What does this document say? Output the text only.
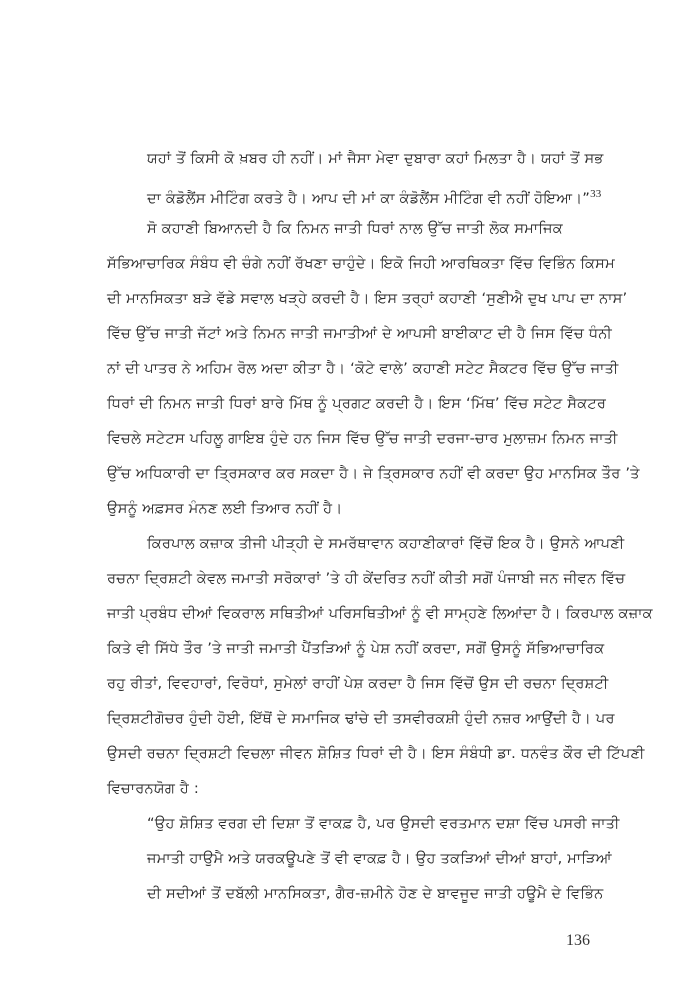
ਯਹਾਂ ਤੋਂ ਕਿਸੀ ਕੋ ਖ਼ਬਰ ਹੀ ਨਹੀਂ। ਮਾਂ ਜੈਸਾ ਮੇਵਾ ਦੁਬਾਰਾ ਕਹਾਂ ਮਿਲਤਾ ਹੈ। ਯਹਾਂ ਤੋਂ ਸਭ
ਦਾ ਕੰਡੋਲੈਂਸ ਮੀਟਿੰਗ ਕਰਤੇ ਹੈ। ਆਪ ਦੀ ਮਾਂ ਕਾ ਕੰਡੋਲੈਂਸ ਮੀਟਿੰਗ ਵੀ ਨਹੀਂ ਹੋਇਆ।”$^{33}$
ਸੋ ਕਹਾਣੀ ਬਿਆਨਦੀ ਹੈ ਕਿ ਨਿਮਨ ਜਾਤੀ ਧਿਰਾਂ ਨਾਲ ਉੱਚ ਜਾਤੀ ਲੋਕ ਸਮਾਜਿਕ
ਸੱਭਿਆਚਾਰਿਕ ਸੰਬੰਧ ਵੀ ਚੰਗੇ ਨਹੀਂ ਰੱਖਣਾ ਚਾਹੁੰਦੇ। ਇਕੋ ਜਿਹੀ ਆਰਥਿਕਤਾ ਵਿੱਚ ਵਿਭਿੰਨ ਕਿਸਮ
ਦੀ ਮਾਨਸਿਕਤਾ ਬੜੇ ਵੱਡੇ ਸਵਾਲ ਖੜ੍ਹੇ ਕਰਦੀ ਹੈ। ਇਸ ਤਰ੍ਹਾਂ ਕਹਾਣੀ ‘ਸੁਣੀਐ ਦੁਖ ਪਾਪ ਦਾ ਨਾਸ’
ਵਿੱਚ ਉੱਚ ਜਾਤੀ ਜੱਟਾਂ ਅਤੇ ਨਿਮਨ ਜਾਤੀ ਜਮਾਤੀਆਂ ਦੇ ਆਪਸੀ ਬਾਈਕਾਟ ਦੀ ਹੈ ਜਿਸ ਵਿੱਚ ਧੰਨੀ
ਨਾਂ ਦੀ ਪਾਤਰ ਨੇ ਅਹਿਮ ਰੋਲ ਅਦਾ ਕੀਤਾ ਹੈ। ‘ਕੋਟੇ ਵਾਲੇ’ ਕਹਾਣੀ ਸਟੇਟ ਸੈਕਟਰ ਵਿੱਚ ਉੱਚ ਜਾਤੀ
ਧਿਰਾਂ ਦੀ ਨਿਮਨ ਜਾਤੀ ਧਿਰਾਂ ਬਾਰੇ ਮਿੱਥ ਨੂੰ ਪ੍ਰਗਟ ਕਰਦੀ ਹੈ। ਇਸ ‘ਮਿੱਥ’ ਵਿੱਚ ਸਟੇਟ ਸੈਕਟਰ
ਵਿਚਲੇ ਸਟੇਟਸ ਪਹਿਲੂ ਗਾਇਬ ਹੁੰਦੇ ਹਨ ਜਿਸ ਵਿੱਚ ਉੱਚ ਜਾਤੀ ਦਰਜਾ-ਚਾਰ ਮੁਲਾਜ਼ਮ ਨਿਮਨ ਜਾਤੀ
ਉੱਚ ਅਧਿਕਾਰੀ ਦਾ ਤ੍ਰਿਸਕਾਰ ਕਰ ਸਕਦਾ ਹੈ। ਜੇ ਤ੍ਰਿਸਕਾਰ ਨਹੀਂ ਵੀ ਕਰਦਾ ਉਹ ਮਾਨਸਿਕ ਤੌਰ ’ਤੇ
ਉਸਨੂੰ ਅਫ਼ਸਰ ਮੰਨਣ ਲਈ ਤਿਆਰ ਨਹੀਂ ਹੈ।
ਕਿਰਪਾਲ ਕਜ਼ਾਕ ਤੀਜੀ ਪੀੜ੍ਹੀ ਦੇ ਸਮਰੱਥਾਵਾਨ ਕਹਾਣੀਕਾਰਾਂ ਵਿੱਚੋਂ ਇਕ ਹੈ। ਉਸਨੇ ਆਪਣੀ
ਰਚਨਾ ਦ੍ਰਿਸ਼ਟੀ ਕੇਵਲ ਜਮਾਤੀ ਸਰੋਕਾਰਾਂ ’ਤੇ ਹੀ ਕੇਂਦਰਿਤ ਨਹੀਂ ਕੀਤੀ ਸਗੋਂ ਪੰਜਾਬੀ ਜਨ ਜੀਵਨ ਵਿੱਚ
ਜਾਤੀ ਪ੍ਰਬੰਧ ਦੀਆਂ ਵਿਕਰਾਲ ਸਥਿਤੀਆਂ ਪਰਿਸਥਿਤੀਆਂ ਨੂੰ ਵੀ ਸਾਮ੍ਹਣੇ ਲਿਆਂਦਾ ਹੈ। ਕਿਰਪਾਲ ਕਜ਼ਾਕ
ਕਿਤੇ ਵੀ ਸਿੱਧੇ ਤੌਰ ’ਤੇ ਜਾਤੀ ਜਮਾਤੀ ਪੈਂਤੜਿਆਂ ਨੂੰ ਪੇਸ਼ ਨਹੀਂ ਕਰਦਾ, ਸਗੋਂ ਉਸਨੂੰ ਸੱਭਿਆਚਾਰਿਕ
ਰਹੁ ਰੀਤਾਂ, ਵਿਵਹਾਰਾਂ, ਵਿਰੋਧਾਂ, ਸੁਮੇਲਾਂ ਰਾਹੀਂ ਪੇਸ਼ ਕਰਦਾ ਹੈ ਜਿਸ ਵਿੱਚੋਂ ਉਸ ਦੀ ਰਚਨਾ ਦ੍ਰਿਸ਼ਟੀ
ਦ੍ਰਿਸ਼ਟੀਗੋਚਰ ਹੁੰਦੀ ਹੋਈ, ਇੱਥੋਂ ਦੇ ਸਮਾਜਿਕ ਢਾਂਚੇ ਦੀ ਤਸਵੀਰਕਸ਼ੀ ਹੁੰਦੀ ਨਜ਼ਰ ਆਉਂਦੀ ਹੈ। ਪਰ
ਉਸਦੀ ਰਚਨਾ ਦ੍ਰਿਸ਼ਟੀ ਵਿਚਲਾ ਜੀਵਨ ਸ਼ੋਸ਼ਿਤ ਧਿਰਾਂ ਦੀ ਹੈ। ਇਸ ਸੰਬੰਧੀ ਡਾ. ਧਨਵੰਤ ਕੌਰ ਦੀ ਟਿੱਪਣੀ
ਵਿਚਾਰਨਯੋਗ ਹੈ :
“ਉਹ ਸ਼ੋਸ਼ਿਤ ਵਰਗ ਦੀ ਦਿਸ਼ਾ ਤੋਂ ਵਾਕਫ਼ ਹੈ, ਪਰ ਉਸਦੀ ਵਰਤਮਾਨ ਦਸ਼ਾ ਵਿੱਚ ਪਸਰੀ ਜਾਤੀ
ਜਮਾਤੀ ਹਾਉਮੈ ਅਤੇ ਯਰਕਊਪਣੇ ਤੋਂ ਵੀ ਵਾਕਫ਼ ਹੈ। ਉਹ ਤਕੜਿਆਂ ਦੀਆਂ ਬਾਹਾਂ, ਮਾੜਿਆਂ
ਦੀ ਸਦੀਆਂ ਤੋਂ ਦਬੱਲੀ ਮਾਨਸਿਕਤਾ, ਗੈਰ-ਜ਼ਮੀਨੇ ਹੋਣ ਦੇ ਬਾਵਜੂਦ ਜਾਤੀ ਹਊਮੈ ਦੇ ਵਿਭਿੰਨ
136
